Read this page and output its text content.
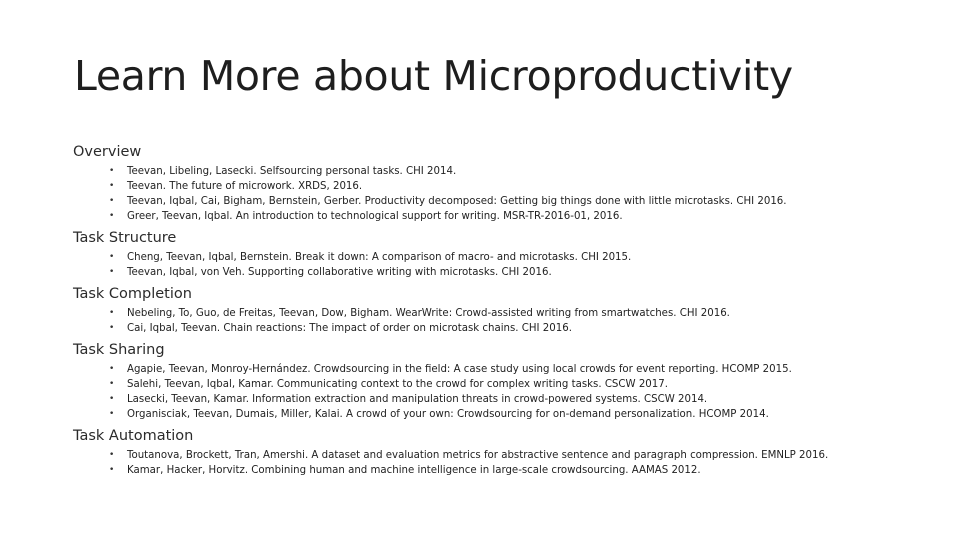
Learn More about Microproductivity
Overview
• Teevan, Libeling, Lasecki. Selfsourcing personal tasks. CHI 2014.
• Teevan. The future of microwork. XRDS, 2016.
• Teevan, Iqbal, Cai, Bigham, Bernstein, Gerber. Productivity decomposed: Getting big things done with little microtasks. CHI 2016.
• Greer, Teevan, Iqbal. An introduction to technological support for writing. MSR-TR-2016-01, 2016.
Task Structure
• Cheng, Teevan, Iqbal, Bernstein. Break it down: A comparison of macro- and microtasks. CHI 2015.
• Teevan, Iqbal, von Veh. Supporting collaborative writing with microtasks. CHI 2016.
Task Completion
• Nebeling, To, Guo, de Freitas, Teevan, Dow, Bigham. WearWrite: Crowd-assisted writing from smartwatches. CHI 2016.
• Cai, Iqbal, Teevan. Chain reactions: The impact of order on microtask chains. CHI 2016.
Task Sharing
• Agapie, Teevan, Monroy-Hernández. Crowdsourcing in the field: A case study using local crowds for event reporting. HCOMP 2015.
• Salehi, Teevan, Iqbal, Kamar. Communicating context to the crowd for complex writing tasks. CSCW 2017.
• Lasecki, Teevan, Kamar. Information extraction and manipulation threats in crowd-powered systems. CSCW 2014.
• Organisciak, Teevan, Dumais, Miller, Kalai. A crowd of your own: Crowdsourcing for on-demand personalization. HCOMP 2014.
Task Automation
• Toutanova, Brockett, Tran, Amershi. A dataset and evaluation metrics for abstractive sentence and paragraph compression. EMNLP 2016.
• Kamar, Hacker, Horvitz. Combining human and machine intelligence in large-scale crowdsourcing. AAMAS 2012.
